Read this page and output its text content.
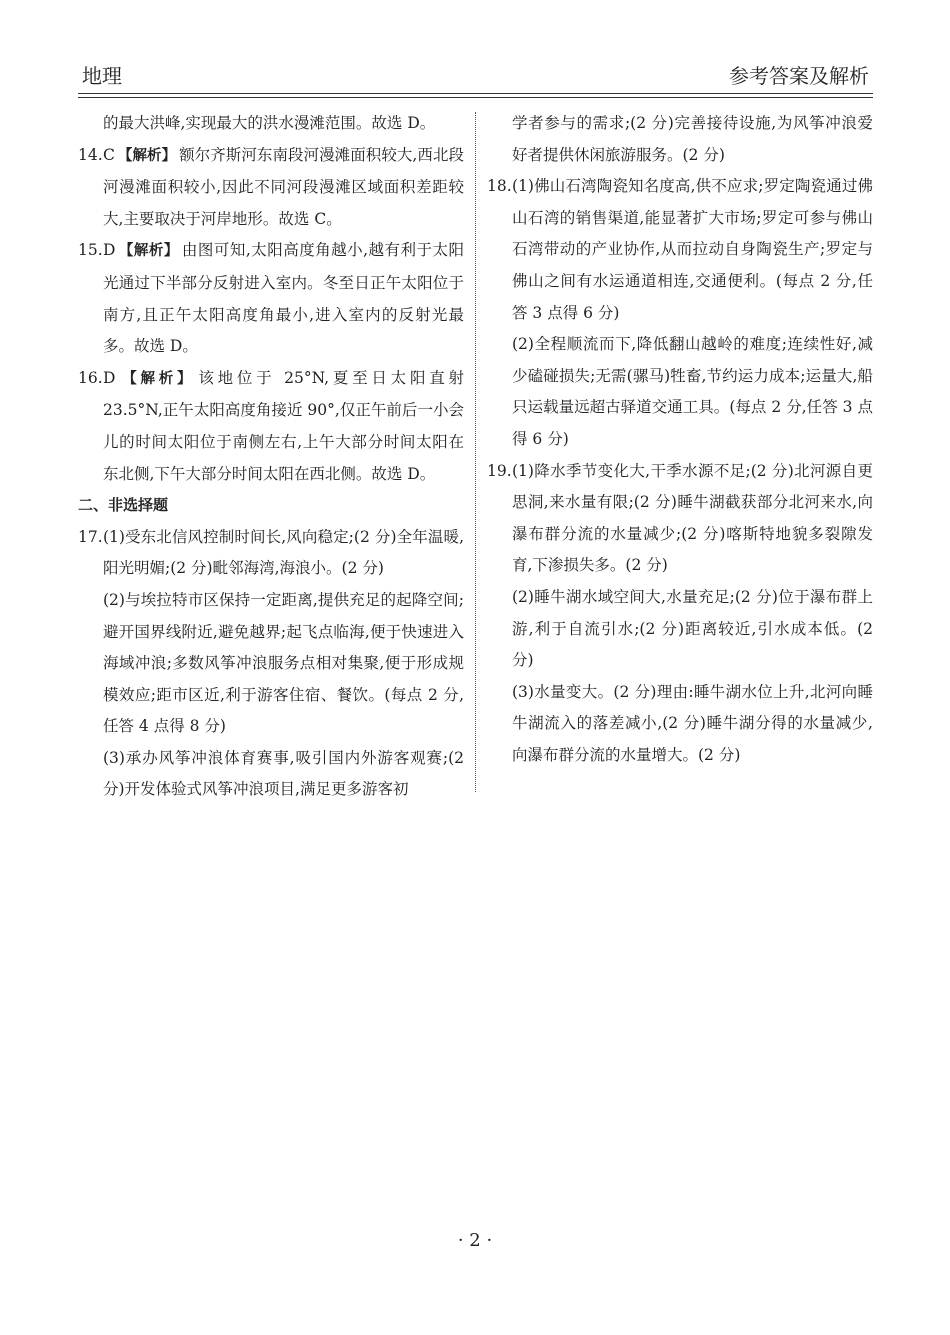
地理	参考答案及解析

的最大洪峰,实现最大的洪水漫滩范围。故选 D。

14. C 【解析】 额尔齐斯河东南段河漫滩面积较大,西北段河漫滩面积较小,因此不同河段漫滩区域面积差距较大,主要取决于河岸地形。故选 C。
15. D 【解析】 由图可知,太阳高度角越小,越有利于太阳光通过下半部分反射进入室内。冬至日正午太阳位于南方,且正午太阳高度角最小,进入室内的反射光最多。故选 D。
16. D 【解析】 该地位于 25°N,夏至日太阳直射 23.5°N,正午太阳高度角接近 90°,仅正午前后一小会儿的时间太阳位于南侧左右,上午大部分时间太阳在东北侧,下午大部分时间太阳在西北侧。故选 D。

二、非选择题

17. (1)受东北信风控制时间长,风向稳定;(2 分)全年温暖,阳光明媚;(2 分)毗邻海湾,海浪小。(2 分)

(2)与埃拉特市区保持一定距离,提供充足的起降空间;避开国界线附近,避免越界;起飞点临海,便于快速进入海域冲浪;多数风筝冲浪服务点相对集聚,便于形成规模效应;距市区近,利于游客住宿、餐饮。(每点 2 分,任答 4 点得 8 分)

(3)承办风筝冲浪体育赛事,吸引国内外游客观赛;(2 分)开发体验式风筝冲浪项目,满足更多游客初

学者参与的需求;(2 分)完善接待设施,为风筝冲浪爱好者提供休闲旅游服务。(2 分)

18. (1)佛山石湾陶瓷知名度高,供不应求;罗定陶瓷通过佛山石湾的销售渠道,能显著扩大市场;罗定可参与佛山石湾带动的产业协作,从而拉动自身陶瓷生产;罗定与佛山之间有水运通道相连,交通便利。(每点 2 分,任答 3 点得 6 分)

(2)全程顺流而下,降低翻山越岭的难度;连续性好,减少磕碰损失;无需(骡马)牲畜,节约运力成本;运量大,船只运载量远超古驿道交通工具。(每点 2 分,任答 3 点得 6 分)

19. (1)降水季节变化大,干季水源不足;(2 分)北河源自更思洞,来水量有限;(2 分)睡牛湖截获部分北河来水,向瀑布群分流的水量减少;(2 分)喀斯特地貌多裂隙发育,下渗损失多。(2 分)

(2)睡牛湖水域空间大,水量充足;(2 分)位于瀑布群上游,利于自流引水;(2 分)距离较近,引水成本低。(2 分)

(3)水量变大。(2 分)理由:睡牛湖水位上升,北河向睡牛湖流入的落差减小,(2 分)睡牛湖分得的水量减少,向瀑布群分流的水量增大。(2 分)

· 2 ·
